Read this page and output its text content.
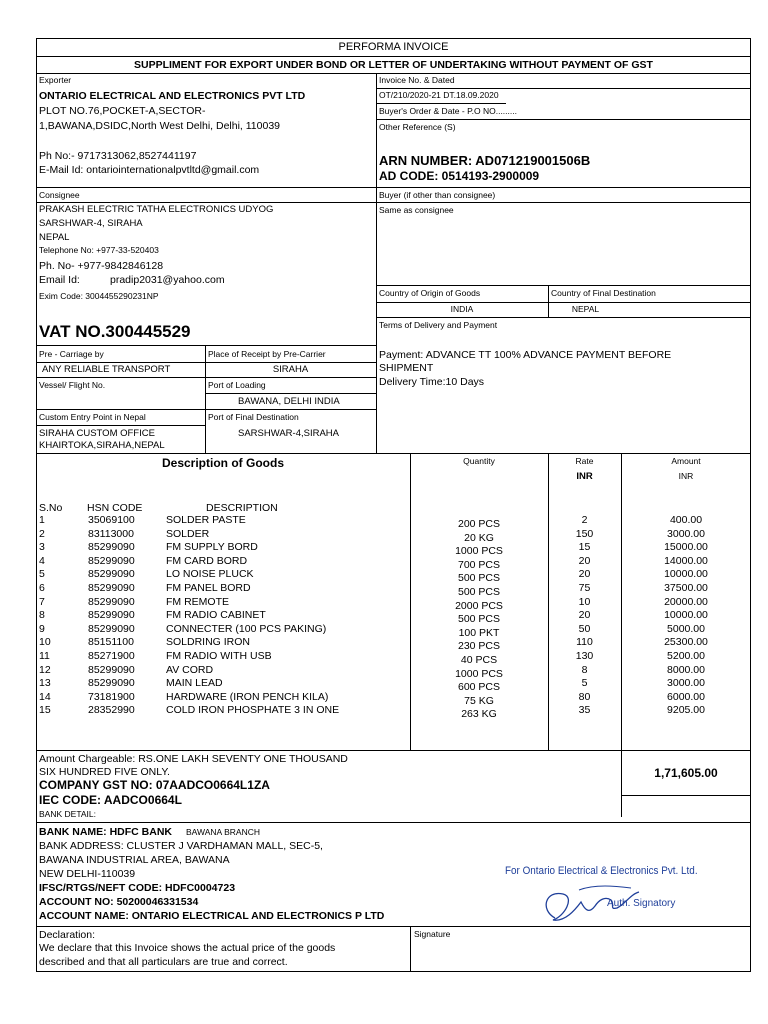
PERFORMA INVOICE
SUPPLIMENT FOR EXPORT UNDER BOND OR LETTER OF UNDERTAKING WITHOUT PAYMENT OF GST
Exporter
ONTARIO ELECTRICAL AND ELECTRONICS PVT LTD
PLOT NO.76,POCKET-A,SECTOR-
1,BAWANA,DSIDC,North West Delhi, Delhi, 110039
Ph No:- 9717313062,8527441197
E-Mail Id: ontariointernationalpvtltd@gmail.com
Invoice No. & Dated
OT/210/2020-21 DT.18.09.2020
Buyer's Order & Date - P.O NO.........
Other Reference (S)
ARN NUMBER: AD071219001506B
AD CODE: 0514193-2900009
Consignee
PRAKASH ELECTRIC TATHA ELECTRONICS UDYOG
SARSHWAR-4, SIRAHA
NEPAL
Telephone No: +977-33-520403
Ph. No- +977-9842846128
Email Id:	pradip2031@yahoo.com
Exim Code: 3004455290231NP
VAT NO.300445529
Buyer (if other than consignee)
Same as consignee
Country of Origin of Goods
INDIA
Country of Final Destination
NEPAL
Terms of Delivery and Payment
Payment: ADVANCE TT 100% ADVANCE PAYMENT BEFORE
SHIPMENT
Delivery Time:10 Days
Pre - Carriage by	Place of Receipt by Pre-Carrier
ANY RELIABLE TRANSPORT	SIRAHA
Vessel/ Flight No.	Port of Loading
BAWANA, DELHI INDIA
Custom Entry Point in Nepal	Port of Final Destination
SIRAHA CUSTOM OFFICE
KHAIRTOKA,SIRAHA,NEPAL
SARSHWAR-4,SIRAHA
Description of Goods	Quantity	Rate
INR
Amount
INR
S.No HSN CODE	DESCRIPTION
1	35069100	SOLDER PASTE	200 PCS	2	400.00
2	83113000	SOLDER	20 KG	150	3000.00
3	85299090	FM SUPPLY BORD	1000 PCS	15	15000.00
4	85299090	FM CARD BORD	700 PCS	20	14000.00
5	85299090	LO NOISE PLUCK	500 PCS	20	10000.00
6	85299090	FM PANEL BORD	500 PCS	75	37500.00
7	85299090	FM REMOTE	2000 PCS	10	20000.00
8	85299090	FM RADIO CABINET	500 PCS	20	10000.00
9	85299090	CONNECTER (100 PCS PAKING)	100 PKT	50	5000.00
10	85151100	SOLDRING IRON	230 PCS	110	25300.00
11	85271900	FM RADIO WITH USB	40 PCS	130	5200.00
12	85299090	AV CORD	1000 PCS	8	8000.00
13	85299090	MAIN LEAD	600 PCS	5	3000.00
14	73181900	HARDWARE (IRON PENCH KILA)	75 KG	80	6000.00
15	28352990	COLD IRON PHOSPHATE 3 IN ONE	263 KG	35	9205.00
Amount Chargeable: RS.ONE LAKH SEVENTY ONE THOUSAND
SIX HUNDRED FIVE ONLY.	1,71,605.00
COMPANY GST NO: 07AADCO0664L1ZA
IEC CODE: AADCO0664L
BANK DETAIL:
BANK NAME: HDFC BANK BAWANA BRANCH
BANK ADDRESS: CLUSTER J VARDHAMAN MALL, SEC-5,
BAWANA INDUSTRIAL AREA, BAWANA
NEW DELHI-110039
IFSC/RTGS/NEFT CODE: HDFC0004723
ACCOUNT NO: 50200046331534
ACCOUNT NAME: ONTARIO ELECTRICAL AND ELECTRONICS P LTD
For Ontario Electrical & Electronics Pvt. Ltd.
Auth. Signatory
Declaration:
We declare that this Invoice shows the actual price of the goods
described and that all particulars are true and correct.
Signature
